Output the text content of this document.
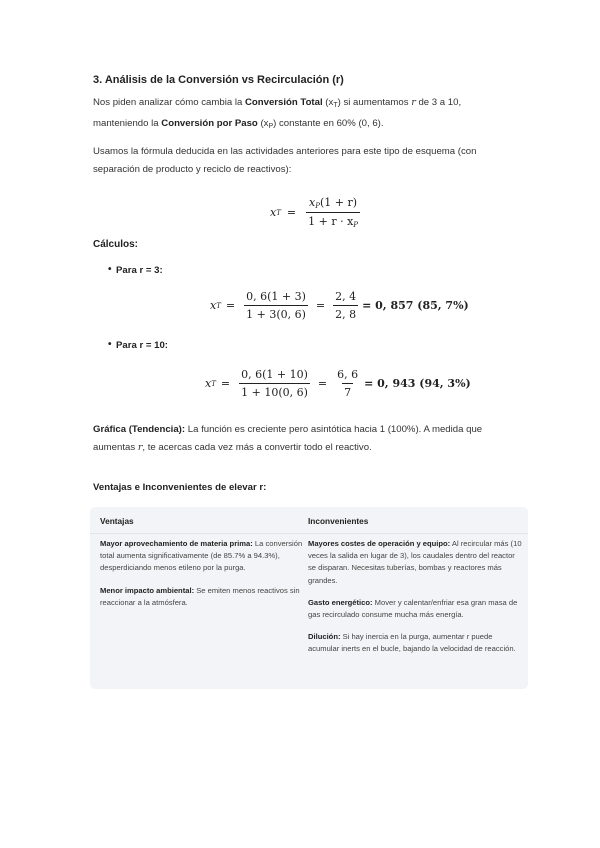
3. Análisis de la Conversión vs Recirculación (r)
Nos piden analizar cómo cambia la Conversión Total $(x_T)$ si aumentamos r de 3 a 10,
manteniendo la Conversión por Paso $(x_P)$ constante en 60% (0, 6).
Usamos la fórmula deducida en las actividades anteriores para este tipo de esquema (con separación de producto y reciclo de reactivos):
x $T = \frac{x_P(1 + r)}{1 + r \cdot x_P}$
Cálculos:
• Para r = 3:
x $T = \frac{0, 6(1 + 3)}{1 + 3(0, 6)} = \frac{2, 4}{2, 8} = 0$, 857 (85, 7%)
• Para r = 10:
x $T = \frac{0, 6(1 + 10)}{1 + 10(0, 6)} = \frac{6, 6}{7} = 0$, 943 (94, 3%)
Gráfica (Tendencia): La función es creciente pero asintótica hacia 1 (100%). A medida que
aumentas r, te acercas cada vez más a convertir todo el reactivo.
Ventajas e Inconvenientes de elevar r:
Ventajas
Mayor aprovechamiento de materia prima: La conversión total aumenta significativamente (de 85.7% a 94.3%), desperdiciando menos etileno por la purga.
Menor impacto ambiental: Se emiten menos reactivos sin reaccionar a la atmósfera.
Inconvenientes
Mayores costes de operación y equipo: Al recircular más (10 veces la salida en lugar de 3), los caudales dentro del reactor se disparan. Necesitas tuberías, bombas y reactores más grandes.
Gasto energético: Mover y calentar/enfriar esa gran masa de gas recirculado consume mucha más energía.
Dilución: Si hay inercia en la purga, aumentar r puede acumular inerts en el bucle, bajando la velocidad de reacción.
